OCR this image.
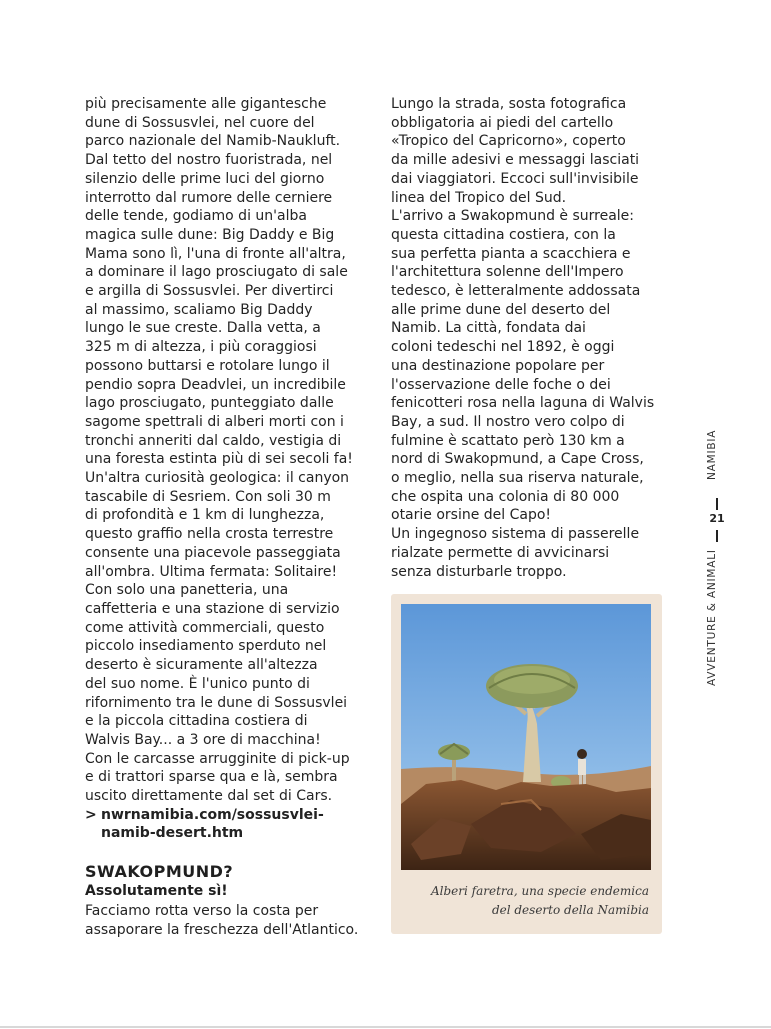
più precisamente alle gigantesche
dune di Sossusvlei, nel cuore del
parco nazionale del Namib-Naukluft.
Dal tetto del nostro fuoristrada, nel
silenzio delle prime luci del giorno
interrotto dal rumore delle cerniere
delle tende, godiamo di un'alba
magica sulle dune: Big Daddy e Big
Mama sono lì, l'una di fronte all'altra,
a dominare il lago prosciugato di sale
e argilla di Sossusvlei. Per divertirci
al massimo, scaliamo Big Daddy
lungo le sue creste. Dalla vetta, a
325 m di altezza, i più coraggiosi
possono buttarsi e rotolare lungo il
pendio sopra Deadvlei, un incredibile
lago prosciugato, punteggiato dalle
sagome spettrali di alberi morti con i
tronchi anneriti dal caldo, vestigia di
una foresta estinta più di sei secoli fa!
Un'altra curiosità geologica: il canyon
tascabile di Sesriem. Con soli 30 m
di profondità e 1 km di lunghezza,
questo graffio nella crosta terrestre
consente una piacevole passeggiata
all'ombra. Ultima fermata: Solitaire!
Con solo una panetteria, una
caffetteria e una stazione di servizio
come attività commerciali, questo
piccolo insediamento sperduto nel
deserto è sicuramente all'altezza
del suo nome. È l'unico punto di
rifornimento tra le dune di Sossusvlei
e la piccola cittadina costiera di
Walvis Bay... a 3 ore di macchina!
Con le carcasse arrugginite di pick-up
e di trattori sparse qua e là, sembra
uscito direttamente dal set di Cars.
> nwrnamibia.com/sossusvlei-
namib-desert.htm
SWAKOPMUND?
Assolutamente sì!
Facciamo rotta verso la costa per
assaporare la freschezza dell'Atlantico.
Lungo la strada, sosta fotografica
obbligatoria ai piedi del cartello
«Tropico del Capricorno», coperto
da mille adesivi e messaggi lasciati
dai viaggiatori. Eccoci sull'invisibile
linea del Tropico del Sud.
L'arrivo a Swakopmund è surreale:
questa cittadina costiera, con la
sua perfetta pianta a scacchiera e
l'architettura solenne dell'Impero
tedesco, è letteralmente addossata
alle prime dune del deserto del
Namib. La città, fondata dai
coloni tedeschi nel 1892, è oggi
una destinazione popolare per
l'osservazione delle foche o dei
fenicotteri rosa nella laguna di Walvis
Bay, a sud. Il nostro vero colpo di
fulmine è scattato però 130 km a
nord di Swakopmund, a Cape Cross,
o meglio, nella sua riserva naturale,
che ospita una colonia di 80 000
otarie orsine del Capo!
Un ingegnoso sistema di passerelle
rialzate permette di avvicinarsi
senza disturbarle troppo.
Alberi faretra, una specie endemica
del deserto della Namibia
NAMIBIA
21
AVVENTURE & ANIMALI
